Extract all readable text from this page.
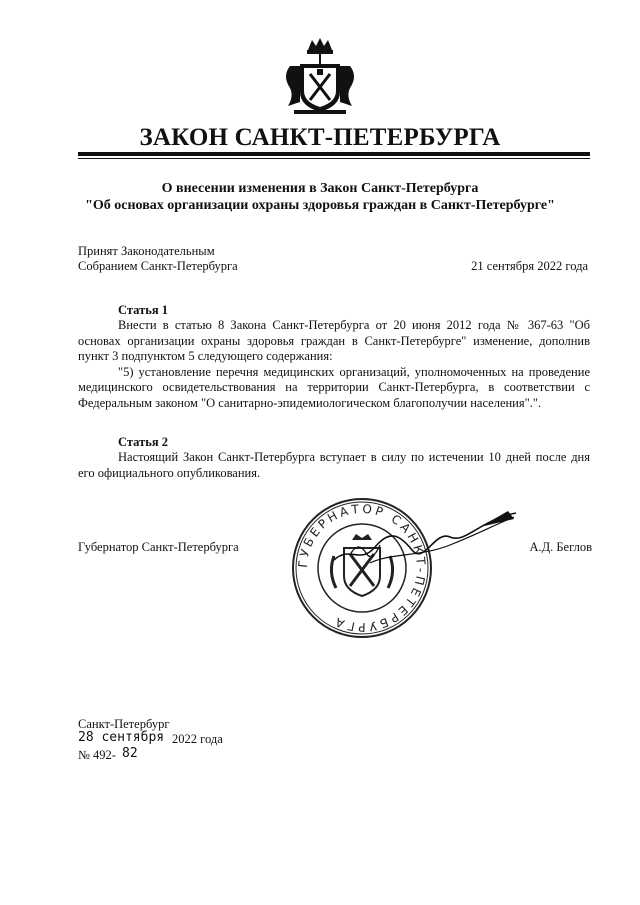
ЗАКОН САНКТ-ПЕТЕРБУРГА
О внесении изменения в Закон Санкт-Петербурга
"Об основах организации охраны здоровья граждан в Санкт-Петербурге"
Принят Законодательным
Собранием Санкт-Петербурга	21 сентября 2022 года
Статья 1

Внести в статью 8 Закона Санкт-Петербурга от 20 июня 2012 года № 367-63 "Об основах организации охраны здоровья граждан в Санкт-Петербурге" изменение, дополнив пункт 3 подпунктом 5 следующего содержания:

"5) установление перечня медицинских организаций, уполномоченных на проведение медицинского освидетельствования на территории Санкт-Петербурга, в соответствии с Федеральным законом "О санитарно-эпидемиологическом благополучии населения".".

Статья 2

Настоящий Закон Санкт-Петербурга вступает в силу по истечении 10 дней после дня его официального опубликования.

Губернатор Санкт-Петербурга	А.Д. Беглов
ГУБЕРНАТОР САНКТ-ПЕТЕРБУРГА
Санкт-Петербург
28 сентября 2022 года
№ 492- 82
